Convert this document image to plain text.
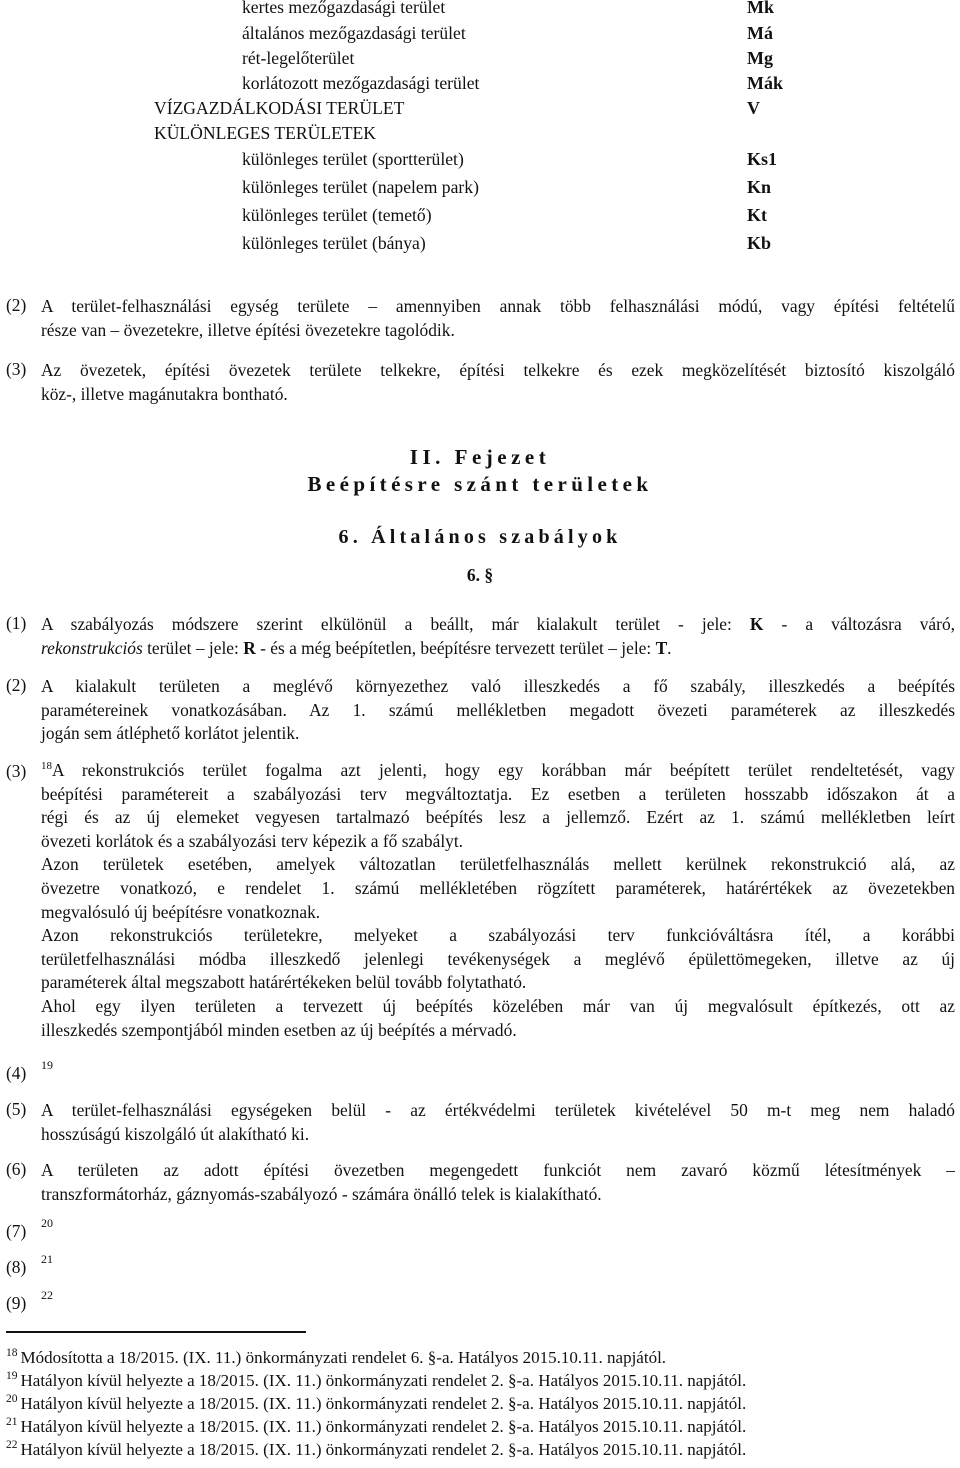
kertes mezőgazdasági terület	Mk
általános mezőgazdasági terület	Má
rét-legelőterület	Mg
korlátozott mezőgazdasági terület	Mák
VÍZGAZDÁLKODÁSI TERÜLET	V
KÜLÖNLEGES TERÜLETEK
különleges terület (sportterület)	Ks1
különleges terület (napelem park)	Kn
különleges terület (temető)	Kt
különleges terület (bánya)	Kb
(2) A terület-felhasználási egység területe – amennyiben annak több felhasználási módú, vagy építési feltételű
része van – övezetekre, illetve építési övezetekre tagolódik.
(3) Az övezetek, építési övezetek területe telkekre, építési telkekre és ezek megközelítését biztosító kiszolgáló
köz-, illetve magánutakra bontható.
II. Fejezet
Beépítésre szánt területek
6. Általános szabályok
6. §
(1) A szabályozás módszere szerint elkülönül a beállt, már kialakult terület - jele: K - a változásra váró,
rekonstrukciós terület – jele: R - és a még beépítetlen, beépítésre tervezett terület – jele: T.
(2) A kialakult területen a meglévő környezethez való illeszkedés a fő szabály, illeszkedés a beépítés
paramétereinek vonatkozásában. Az 1. számú mellékletben megadott övezeti paraméterek az illeszkedés
jogán sem átléphető korlátot jelentik.
(3) $^{18}$A rekonstrukciós terület fogalma azt jelenti, hogy egy korábban már beépített terület rendeltetését, vagy
beépítési paramétereit a szabályozási terv megváltoztatja. Ez esetben a területen hosszabb időszakon át a
régi és az új elemeket vegyesen tartalmazó beépítés lesz a jellemző. Ezért az 1. számú mellékletben leírt
övezeti korlátok és a szabályozási terv képezik a fő szabályt.
Azon területek esetében, amelyek változatlan területfelhasználás mellett kerülnek rekonstrukció alá, az
övezetre vonatkozó, e rendelet 1. számú mellékletében rögzített paraméterek, határértékek az övezetekben
megvalósuló új beépítésre vonatkoznak.
Azon rekonstrukciós területekre, melyeket a szabályozási terv funkcióváltásra ítél, a korábbi
területfelhasználási módba illeszkedő jelenlegi tevékenységek a meglévő épülettömegeken, illetve az új
paraméterek által megszabott határértékeken belül tovább folytatható.
Ahol egy ilyen területen a tervezett új beépítés közelében már van új megvalósult építkezés, ott az
illeszkedés szempontjából minden esetben az új beépítés a mérvadó.
(4) 19
(5) A terület-felhasználási egységeken belül - az értékvédelmi területek kivételével 50 m-t meg nem haladó
hosszúságú kiszolgáló út alakítható ki.
(6) A területen az adott építési övezetben megengedett funkciót nem zavaró közmű létesítmények –
transzformátorház, gáznyomás-szabályozó - számára önálló telek is kialakítható.
(7) 20
(8) 21
(9) 22
$^{18}$ Módosította a 18/2015. (IX. 11.) önkormányzati rendelet 6. §-a. Hatályos 2015.10.11. napjától.
$^{19}$ Hatályon kívül helyezte a 18/2015. (IX. 11.) önkormányzati rendelet 2. §-a. Hatályos 2015.10.11. napjától.
$^{20}$ Hatályon kívül helyezte a 18/2015. (IX. 11.) önkormányzati rendelet 2. §-a. Hatályos 2015.10.11. napjától.
$^{21}$ Hatályon kívül helyezte a 18/2015. (IX. 11.) önkormányzati rendelet 2. §-a. Hatályos 2015.10.11. napjától.
$^{22}$ Hatályon kívül helyezte a 18/2015. (IX. 11.) önkormányzati rendelet 2. §-a. Hatályos 2015.10.11. napjától.
